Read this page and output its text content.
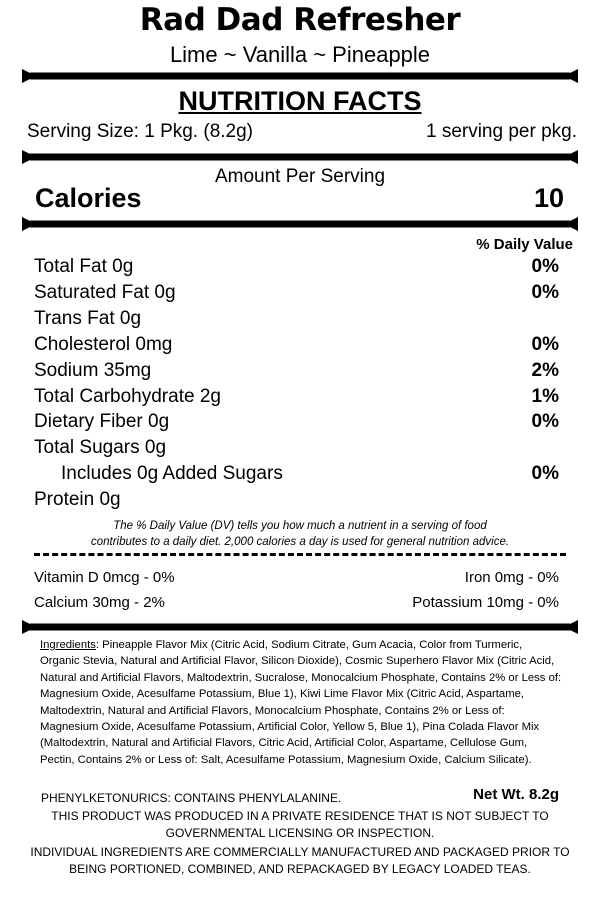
Rad Dad Refresher
Lime ~ Vanilla ~ Pineapple
NUTRITION FACTS
Serving Size: 1 Pkg. (8.2g)	1 serving per pkg.
Amount Per Serving
Calories	10
% Daily Value
Total Fat 0g	0%
Saturated Fat 0g	0%
Trans Fat 0g
Cholesterol 0mg	0%
Sodium 35mg	2%
Total Carbohydrate 2g	1%
Dietary Fiber 0g	0%
Total Sugars 0g
Includes 0g Added Sugars	0%
Protein 0g
The % Daily Value (DV) tells you how much a nutrient in a serving of food
contributes to a daily diet. 2,000 calories a day is used for general nutrition advice.
Vitamin D 0mcg - 0%	Iron 0mg - 0%
Calcium 30mg - 2%	Potassium 10mg - 0%
Ingredients: Pineapple Flavor Mix (Citric Acid, Sodium Citrate, Gum Acacia, Color from Turmeric, Organic Stevia, Natural and Artificial Flavor, Silicon Dioxide), Cosmic Superhero Flavor Mix (Citric Acid, Natural and Artificial Flavors, Maltodextrin, Sucralose, Monocalcium Phosphate, Contains 2% or Less of: Magnesium Oxide, Acesulfame Potassium, Blue 1), Kiwi Lime Flavor Mix (Citric Acid, Aspartame, Maltodextrin, Natural and Artificial Flavors, Monocalcium Phosphate, Contains 2% or Less of: Magnesium Oxide, Acesulfame Potassium, Artificial Color, Yellow 5, Blue 1), Pina Colada Flavor Mix (Maltodextrin, Natural and Artificial Flavors, Citric Acid, Artificial Color, Aspartame, Cellulose Gum, Pectin, Contains 2% or Less of: Salt, Acesulfame Potassium, Magnesium Oxide, Calcium Silicate).
PHENYLKETONURICS: CONTAINS PHENYLALANINE.	Net Wt. 8.2g
THIS PRODUCT WAS PRODUCED IN A PRIVATE RESIDENCE THAT IS NOT SUBJECT TO
GOVERNMENTAL LICENSING OR INSPECTION.
INDIVIDUAL INGREDIENTS ARE COMMERCIALLY MANUFACTURED AND PACKAGED PRIOR TO
BEING PORTIONED, COMBINED, AND REPACKAGED BY LEGACY LOADED TEAS.
